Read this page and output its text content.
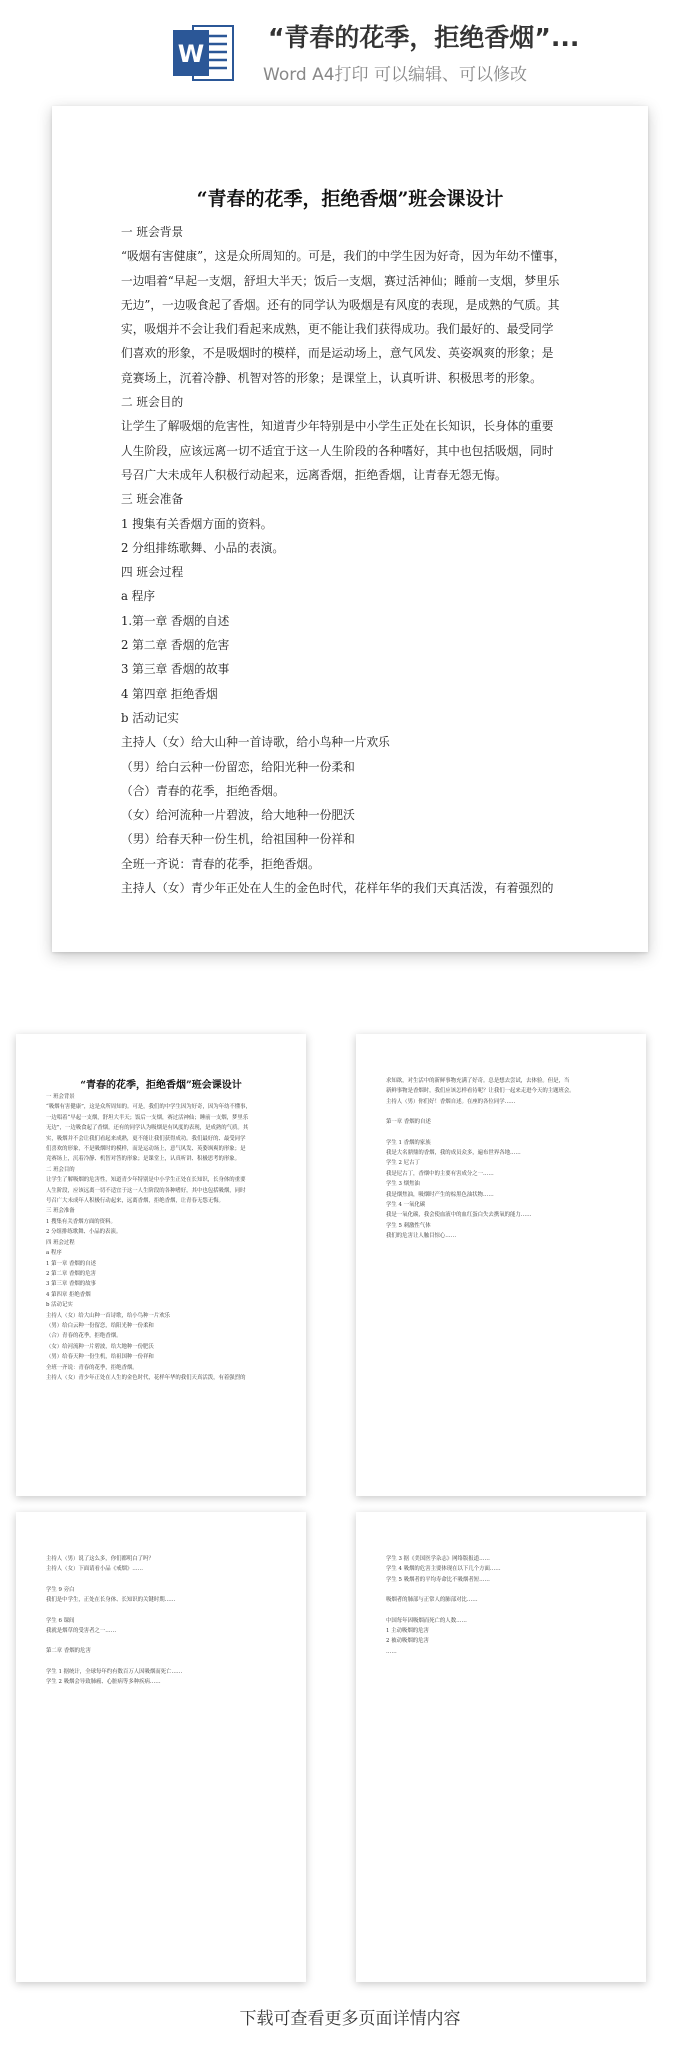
W
“青春的花季，拒绝香烟”...
Word A4打印 可以编辑、可以修改
“青春的花季，拒绝香烟”班会课设计

一 班会背景

“吸烟有害健康”，这是众所周知的。可是，我们的中学生因为好奇，因为年幼不懂事，

一边唱着“早起一支烟，舒坦大半天；饭后一支烟，赛过活神仙；睡前一支烟，梦里乐

无边”，一边吸食起了香烟。还有的同学认为吸烟是有风度的表现，是成熟的气质。其

实，吸烟并不会让我们看起来成熟，更不能让我们获得成功。我们最好的、最受同学

们喜欢的形象，不是吸烟时的模样，而是运动场上，意气风发、英姿飒爽的形象；是

竞赛场上，沉着冷静、机智对答的形象；是课堂上，认真听讲、积极思考的形象。

二 班会目的

让学生了解吸烟的危害性，知道青少年特别是中小学生正处在长知识，长身体的重要

人生阶段，应该远离一切不适宜于这一人生阶段的各种嗜好，其中也包括吸烟，同时

号召广大未成年人积极行动起来，远离香烟，拒绝香烟，让青春无怨无悔。

三 班会准备

1 搜集有关香烟方面的资料。

2 分组排练歌舞、小品的表演。

四 班会过程

a 程序

1.第一章 香烟的自述

2 第二章 香烟的危害

3 第三章 香烟的故事

4 第四章 拒绝香烟

b 活动记实

主持人（女）给大山种一首诗歌，给小鸟种一片欢乐

（男）给白云种一份留恋，给阳光种一份柔和

（合）青春的花季，拒绝香烟。

（女）给河流种一片碧波，给大地种一份肥沃

（男）给春天种一份生机，给祖国种一份祥和

全班一齐说：青春的花季，拒绝香烟。

主持人（女）青少年正处在人生的金色时代，花样年华的我们天真活泼，有着强烈的

“青春的花季，拒绝香烟”班会课设计

一 班会背景

“吸烟有害健康”，这是众所周知的。可是，我们的中学生因为好奇，因为年幼不懂事，

一边唱着“早起一支烟，舒坦大半天；饭后一支烟，赛过活神仙；睡前一支烟，梦里乐

无边”，一边吸食起了香烟。还有的同学认为吸烟是有风度的表现，是成熟的气质。其

实，吸烟并不会让我们看起来成熟，更不能让我们获得成功。我们最好的、最受同学

们喜欢的形象，不是吸烟时的模样，而是运动场上，意气风发、英姿飒爽的形象；是

竞赛场上，沉着冷静、机智对答的形象；是课堂上，认真听讲、积极思考的形象。

二 班会目的

让学生了解吸烟的危害性，知道青少年特别是中小学生正处在长知识，长身体的重要

人生阶段，应该远离一切不适宜于这一人生阶段的各种嗜好，其中也包括吸烟，同时

号召广大未成年人积极行动起来，远离香烟，拒绝香烟，让青春无怨无悔。

三 班会准备

1 搜集有关香烟方面的资料。

2 分组排练歌舞、小品的表演。

四 班会过程

a 程序

1 第一章 香烟的自述

2 第二章 香烟的危害

3 第三章 香烟的故事

4 第四章 拒绝香烟

b 活动记实

主持人（女）给大山种一首诗歌，给小鸟种一片欢乐

（男）给白云种一份留恋，给阳光种一份柔和

（合）青春的花季，拒绝香烟。

（女）给河流种一片碧波，给大地种一份肥沃

（男）给春天种一份生机，给祖国种一份祥和

全班一齐说：青春的花季，拒绝香烟。

主持人（女）青少年正处在人生的金色时代，花样年华的我们天真活泼，有着强烈的

求知欲，对生活中的新鲜事物充满了好奇。总是想去尝试，去体验。但是，当

新鲜事物是香烟时，我们应该怎样看待呢？让我们一起来走进今天的主题班会。

主持人（男）你们好！香烟自述。在座的各位同学……

第一章 香烟的自述

学生 1 香烟的家族

我是大名鼎鼎的香烟，我的成员众多，遍布世界各地……

学生 2 尼古丁

我是尼古丁，香烟中的主要有害成分之一……

学生 3 烟焦油

我是烟焦油，吸烟时产生的棕黑色油状物……

学生 4 一氧化碳

我是一氧化碳，我会使血液中的血红蛋白失去携氧的能力……

学生 5 刺激性气体

我们的危害让人触目惊心……

主持人（男）说了这么多，你们都明白了吗？

主持人（女）下面请看小品《戒烟》……

学生 9 旁白

我们是中学生，正处在长身体、长知识的关键时期……

学生 6 课间

我就是烟草的受害者之一……

第二章 香烟的危害

学生 1 据统计，全球每年约有数百万人因吸烟而死亡……

学生 2 吸烟会导致肺癌、心脏病等多种疾病……

学生 3 据《美国医学杂志》网络版报道……

学生 4 吸烟的危害主要体现在以下几个方面……

学生 5 吸烟者的平均寿命比不吸烟者短……

吸烟者的肺部与正常人的肺部对比……

中国每年因吸烟而死亡的人数……

1 主动吸烟的危害

2 被动吸烟的危害

……

下载可查看更多页面详情内容
